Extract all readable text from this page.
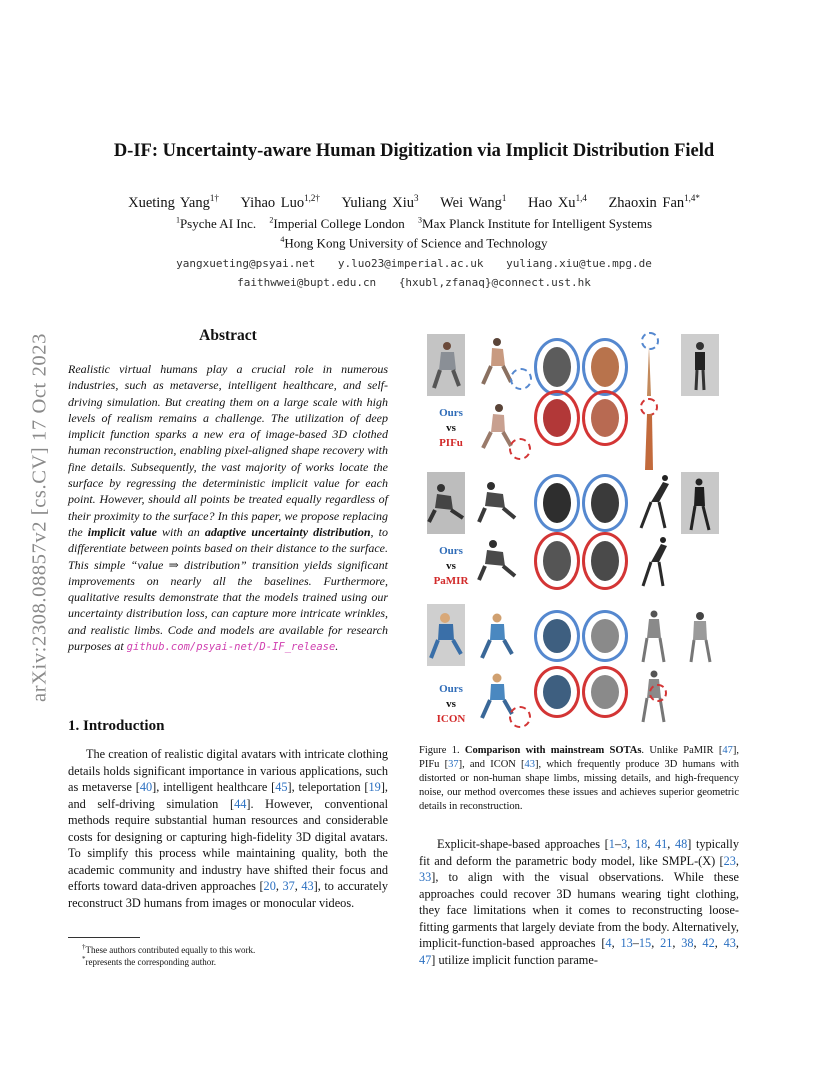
arXiv:2308.08857v2 [cs.CV] 17 Oct 2023
D-IF: Uncertainty-aware Human Digitization via Implicit Distribution Field
Xueting Yang$^{1\dagger}$ Yihao Luo$^{1,2\dagger}$ Yuliang Xiu$^3$ Wei Wang$^1$ Hao Xu$^{1,4}$ Zhaoxin Fan$^{1,4*}$
$^1$Psyche AI Inc. $^2$Imperial College London $^3$Max Planck Institute for Intelligent Systems
$^4$Hong Kong University of Science and Technology
yangxueting@psyai.net y.luo23@imperial.ac.uk yuliang.xiu@tue.mpg.de
faithwwei@bupt.edu.cn {hxubl,zfanaq}@connect.ust.hk
Abstract
Realistic virtual humans play a crucial role in numerous industries, such as metaverse, intelligent healthcare, and self-driving simulation. But creating them on a large scale with high levels of realism remains a challenge. The utilization of deep implicit function sparks a new era of image-based 3D clothed human reconstruction, enabling pixel-aligned shape recovery with fine details. Subsequently, the vast majority of works locate the surface by regressing the deterministic implicit value for each point. However, should all points be treated equally regardless of their proximity to the surface? In this paper, we propose replacing the implicit value with an adaptive uncertainty distribution, to differentiate between points based on their distance to the surface. This simple “value ⇒ distribution” transition yields significant improvements on nearly all the baselines. Furthermore, qualitative results demonstrate that the models trained using our uncertainty distribution loss, can capture more intricate wrinkles, and realistic limbs. Code and models are available for research purposes at github.com/psyai-net/D-IF_release.
1. Introduction
The creation of realistic digital avatars with intricate clothing details holds significant importance in various applications, such as metaverse [40], intelligent healthcare [45], teleportation [19], and self-driving simulation [44]. However, conventional methods require substantial human resources and considerable costs for designing or capturing high-fidelity 3D digital avatars. To simplify this process while maintaining quality, both the academic community and industry have shifted their focus and efforts toward data-driven approaches [20, 37, 43], to accurately reconstruct 3D humans from images or monocular videos.
†These authors contributed equally to this work.
*represents the corresponding author.
Ours
vs
PIFu
Ours
vs
PaMIR
Ours
vs
ICON
Figure 1. Comparison with mainstream SOTAs. Unlike PaMIR [47], PIFu [37], and ICON [43], which frequently produce 3D humans with distorted or non-human shape limbs, missing details, and high-frequency noise, our method overcomes these issues and achieves superior geometric details in reconstruction.
Explicit-shape-based approaches [1–3, 18, 41, 48] typically fit and deform the parametric body model, like SMPL-(X) [23, 33], to align with the visual observations. While these approaches could recover 3D humans wearing tight clothing, they face limitations when it comes to reconstructing loose-fitting garments that largely deviate from the body. Alternatively, implicit-function-based approaches [4, 13–15, 21, 38, 42, 43, 47] utilize implicit function parame-
